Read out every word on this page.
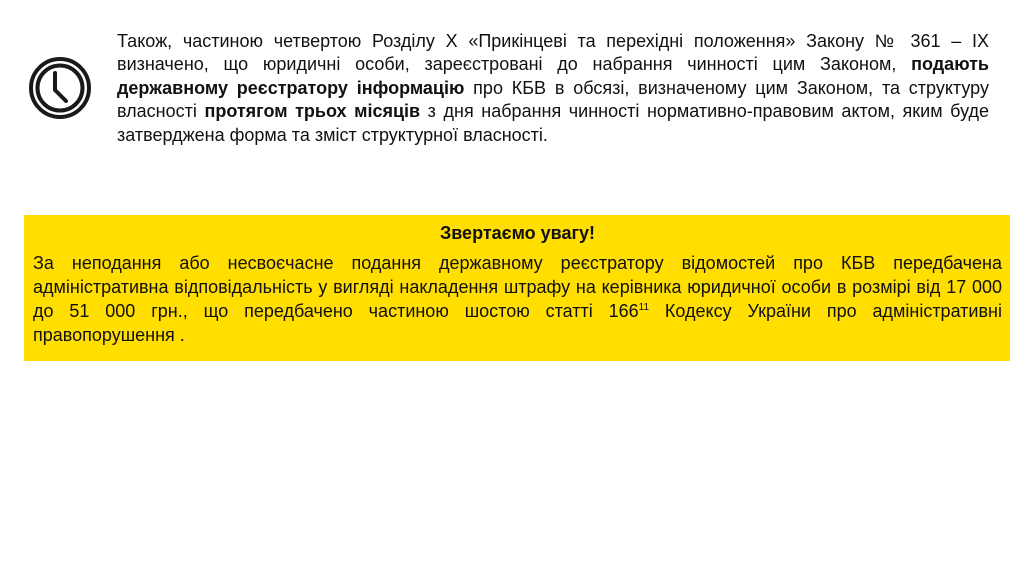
Також, частиною четвертою Розділу X «Прикінцеві та перехідні положення» Закону № 361 – IX визначено, що юридичні особи, зареєстровані до набрання чинності цим Законом, подають державному реєстратору інформацію про КБВ в обсязі, визначеному цим Законом, та структуру власності протягом трьох місяців з дня набрання чинності нормативно-правовим актом, яким буде затверджена форма та зміст структурної власності.

Звертаємо увагу!

За неподання або несвоєчасне подання державному реєстратору відомостей про КБВ передбачена адміністративна відповідальність у вигляді накладення штрафу на керівника юридичної особи в розмірі від 17 000 до 51 000 грн., що передбачено частиною шостою статті $166^{11}$ Кодексу України про адміністративні правопорушення .
